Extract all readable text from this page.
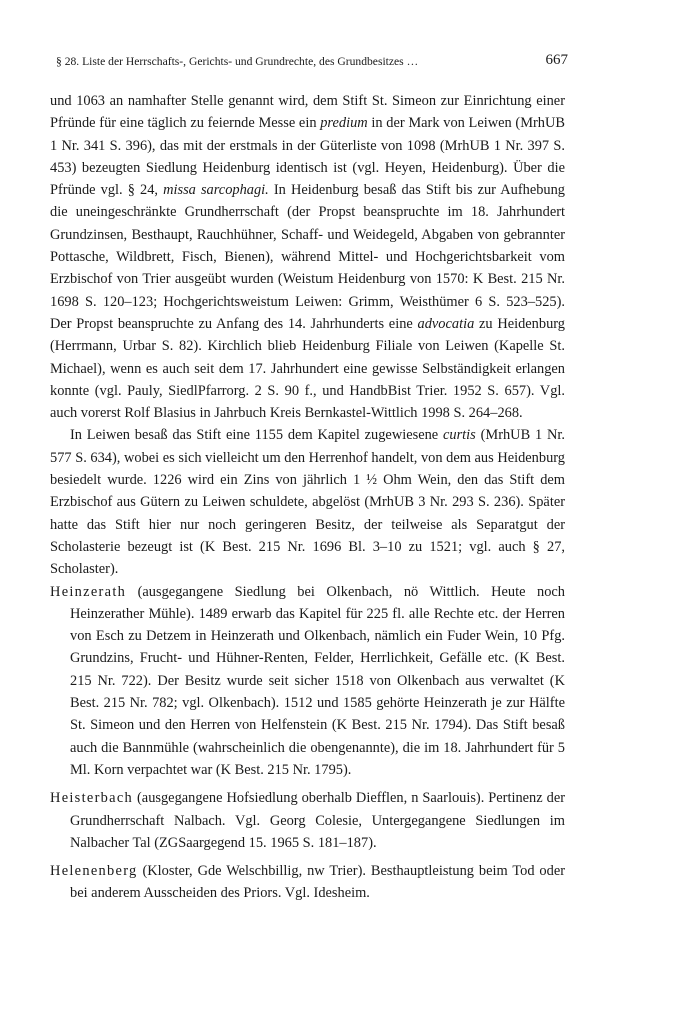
§ 28. Liste der Herrschafts-, Gerichts- und Grundrechte, des Grundbesitzes …	667

und 1063 an namhafter Stelle genannt wird, dem Stift St. Simeon zur Einrichtung einer Pfründe für eine täglich zu feiernde Messe ein predium in der Mark von Leiwen (MrhUB 1 Nr. 341 S. 396), das mit der erstmals in der Güterliste von 1098 (MrhUB 1 Nr. 397 S. 453) bezeugten Siedlung Heidenburg identisch ist (vgl. Heyen, Heidenburg). Über die Pfründe vgl. § 24, missa sarcophagi. In Heidenburg besaß das Stift bis zur Aufhebung die uneingeschränkte Grundherrschaft (der Propst beanspruchte im 18. Jahrhundert Grundzinsen, Besthaupt, Rauchhühner, Schaff- und Weidegeld, Abgaben von gebrannter Pottasche, Wildbrett, Fisch, Bienen), während Mittel- und Hochgerichtsbarkeit vom Erzbischof von Trier ausgeübt wurden (Weistum Heidenburg von 1570: K Best. 215 Nr. 1698 S. 120–123; Hochgerichtsweistum Leiwen: Grimm, Weisthümer 6 S. 523–525). Der Propst beanspruchte zu Anfang des 14. Jahrhunderts eine advocatia zu Heidenburg (Herrmann, Urbar S. 82). Kirchlich blieb Heidenburg Filiale von Leiwen (Kapelle St. Michael), wenn es auch seit dem 17. Jahrhundert eine gewisse Selbständigkeit erlangen konnte (vgl. Pauly, SiedlPfarrorg. 2 S. 90 f., und HandbBist Trier. 1952 S. 657). Vgl. auch vorerst Rolf Blasius in Jahrbuch Kreis Bernkastel-Wittlich 1998 S. 264–268.

In Leiwen besaß das Stift eine 1155 dem Kapitel zugewiesene curtis (MrhUB 1 Nr. 577 S. 634), wobei es sich vielleicht um den Herrenhof handelt, von dem aus Heidenburg besiedelt wurde. 1226 wird ein Zins von jährlich 1 ½ Ohm Wein, den das Stift dem Erzbischof aus Gütern zu Leiwen schuldete, abgelöst (MrhUB 3 Nr. 293 S. 236). Später hatte das Stift hier nur noch geringeren Besitz, der teilweise als Separatgut der Scholasterie bezeugt ist (K Best. 215 Nr. 1696 Bl. 3–10 zu 1521; vgl. auch § 27, Scholaster).

Heinzerath (ausgegangene Siedlung bei Olkenbach, nö Wittlich. Heute noch Heinzerather Mühle). 1489 erwarb das Kapitel für 225 fl. alle Rechte etc. der Herren von Esch zu Detzem in Heinzerath und Olkenbach, nämlich ein Fuder Wein, 10 Pfg. Grundzins, Frucht- und Hühner-Renten, Felder, Herrlichkeit, Gefälle etc. (K Best. 215 Nr. 722). Der Besitz wurde seit sicher 1518 von Olkenbach aus verwaltet (K Best. 215 Nr. 782; vgl. Olkenbach). 1512 und 1585 gehörte Heinzerath je zur Hälfte St. Simeon und den Herren von Helfenstein (K Best. 215 Nr. 1794). Das Stift besaß auch die Bannmühle (wahrscheinlich die obengenannte), die im 18. Jahrhundert für 5 Ml. Korn verpachtet war (K Best. 215 Nr. 1795).

Heisterbach (ausgegangene Hofsiedlung oberhalb Diefflen, n Saarlouis). Pertinenz der Grundherrschaft Nalbach. Vgl. Georg Colesie, Untergegangene Siedlungen im Nalbacher Tal (ZGSaargegend 15. 1965 S. 181–187).

Helenenberg (Kloster, Gde Welschbillig, nw Trier). Besthauptleistung beim Tod oder bei anderem Ausscheiden des Priors. Vgl. Idesheim.
